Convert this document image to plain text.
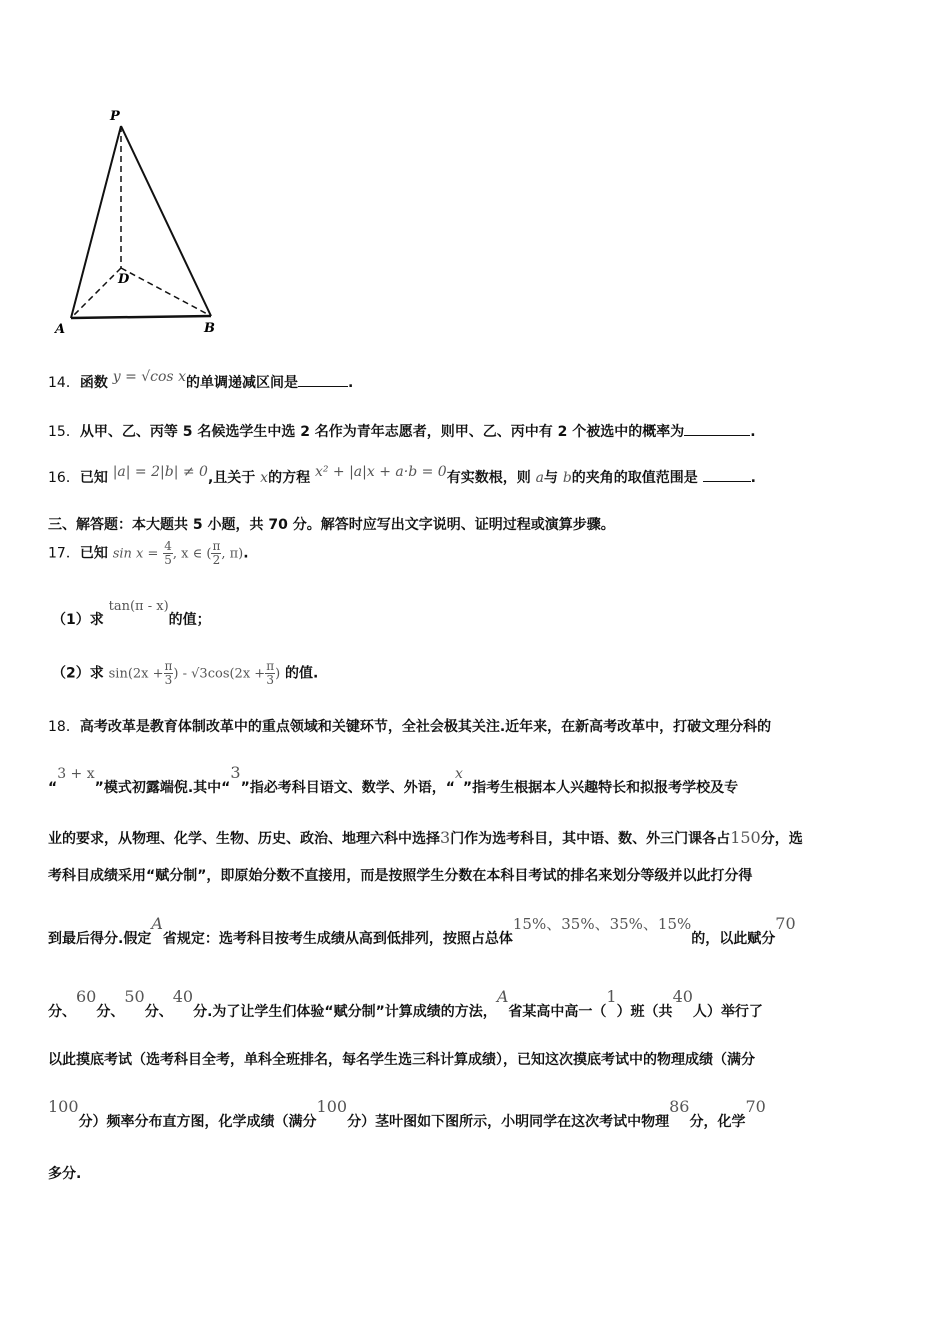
P
D
A	B
14．函数 y = √cos x的单调递减区间是	.
15．从甲、乙、丙等 5 名候选学生中选 2 名作为青年志愿者，则甲、乙、丙中有 2 个被选中的概率为	.
16．已知 |a| = 2|b| ≠ 0,且关于 x的方程 x² + |a|x + a·b = 0有实数根，则 a与 b的夹角的取值范围是	.
三、解答题：本大题共 5 小题，共 70 分。解答时应写出文字说明、证明过程或演算步骤。
17．已知 $\sin x = \frac{4}{5}$ , x ∈ ( $\frac{\pi}{2}$ , π).
（1）求 tan(π - x)的值；
（2）求 $\sin(2x + \frac{\pi}{3}$ ) - $√3\cos(2x + \frac{\pi}{3}$ ) 的值.
18．高考改革是教育体制改革中的重点领域和关键环节，全社会极其关注.近年来，在新高考改革中，打破文理分科的
“3 + x”模式初露端倪.其中“3”指必考科目语文、数学、外语，“x”指考生根据本人兴趣特长和拟报考学校及专
业的要求，从物理、化学、生物、历史、政治、地理六科中选择3门作为选考科目，其中语、数、外三门课各占150分，选
考科目成绩采用“赋分制”，即原始分数不直接用，而是按照学生分数在本科目考试的排名来划分等级并以此打分得
到最后得分.假定A省规定：选考科目按考生成绩从高到低排列，按照占总体15%、35%、35%、15%的，以此赋分70
分、60分、50分、40分.为了让学生们体验“赋分制”计算成绩的方法，A省某高中高一（1）班（共40人）举行了
以此摸底考试（选考科目全考，单科全班排名，每名学生选三科计算成绩），已知这次摸底考试中的物理成绩（满分
100分）频率分布直方图，化学成绩（满分100分）茎叶图如下图所示，小明同学在这次考试中物理86分，化学70
多分.
